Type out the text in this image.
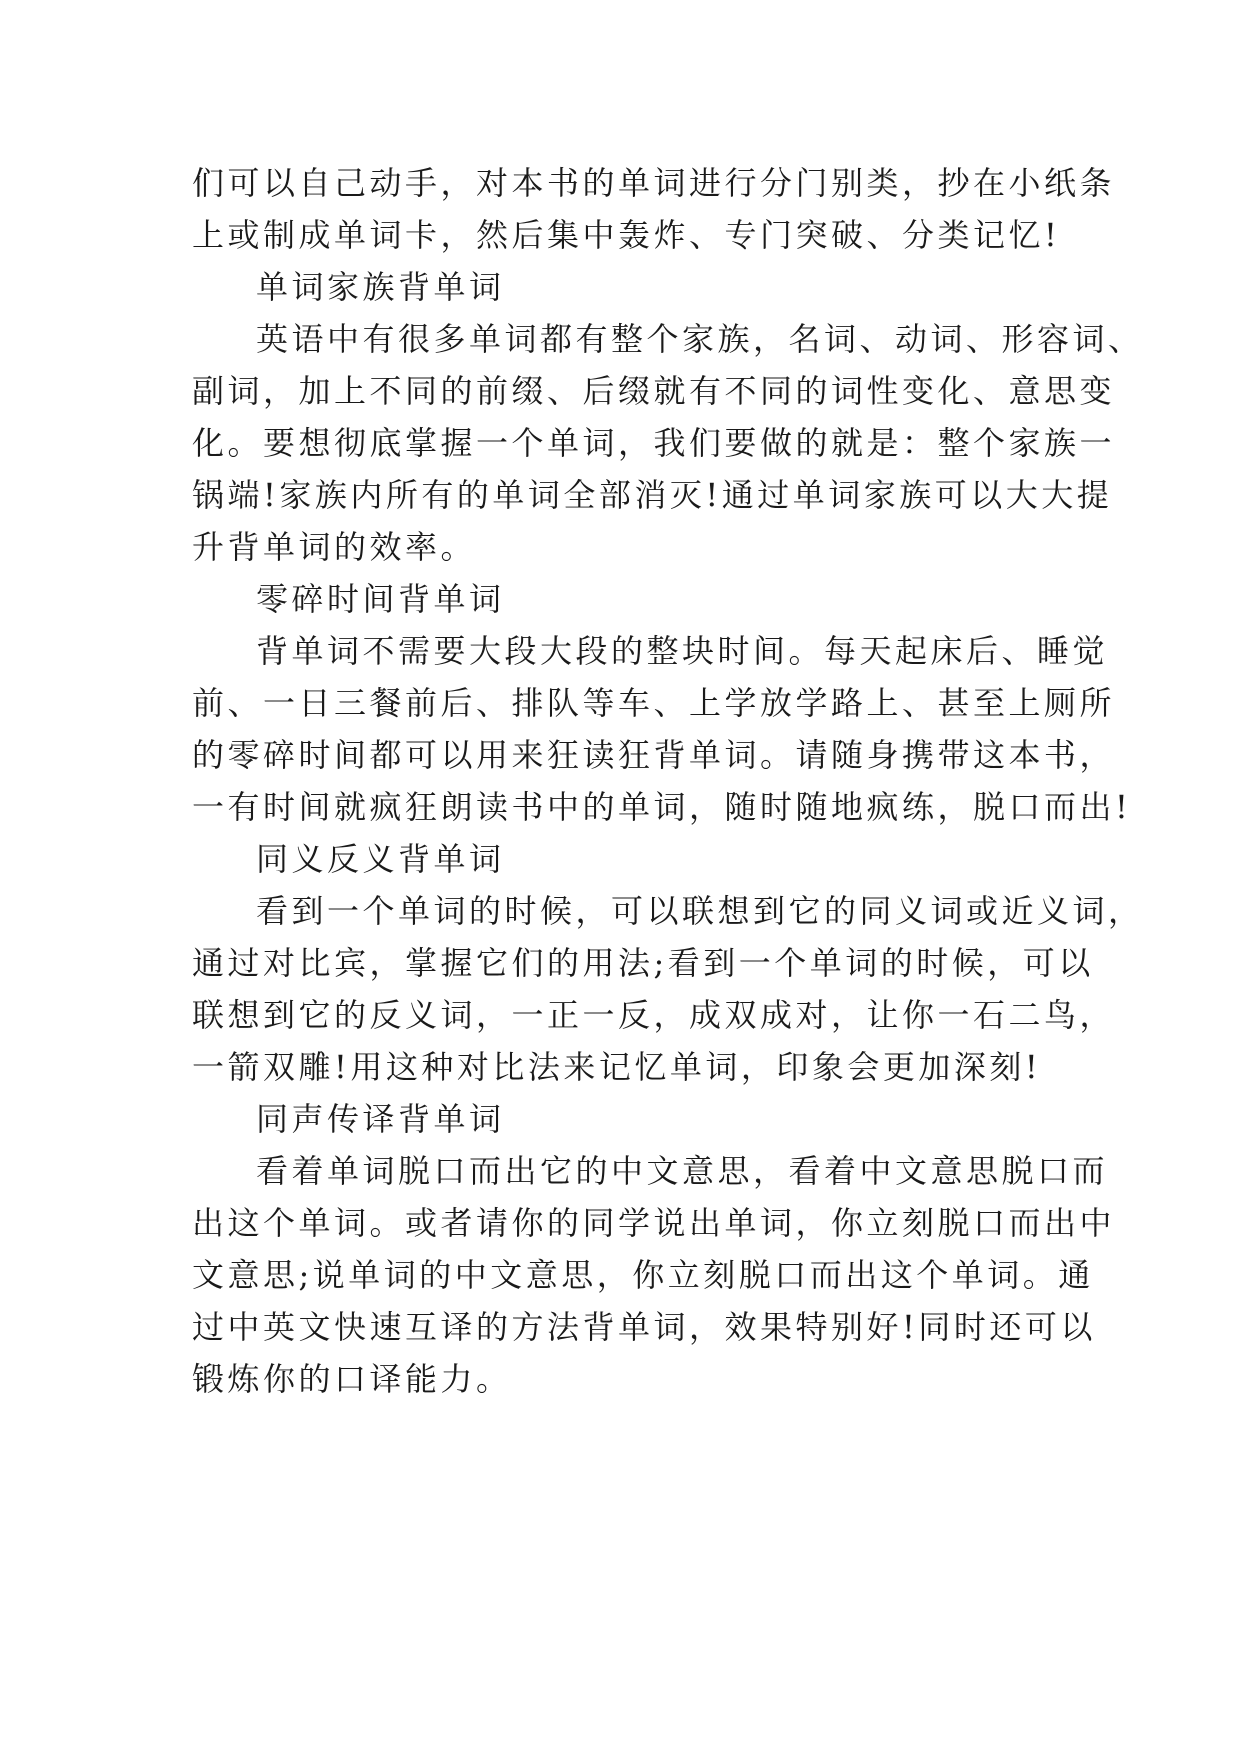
们可以自己动手，对本书的单词进行分门别类，抄在小纸条
上或制成单词卡，然后集中轰炸、专门突破、分类记忆!
单词家族背单词
英语中有很多单词都有整个家族，名词、动词、形容词、
副词，加上不同的前缀、后缀就有不同的词性变化、意思变
化。要想彻底掌握一个单词，我们要做的就是：整个家族一
锅端!家族内所有的单词全部消灭!通过单词家族可以大大提
升背单词的效率。
零碎时间背单词
背单词不需要大段大段的整块时间。每天起床后、睡觉
前、一日三餐前后、排队等车、上学放学路上、甚至上厕所
的零碎时间都可以用来狂读狂背单词。请随身携带这本书，
一有时间就疯狂朗读书中的单词，随时随地疯练，脱口而出!
同义反义背单词
看到一个单词的时候，可以联想到它的同义词或近义词，
通过对比宾，掌握它们的用法;看到一个单词的时候，可以
联想到它的反义词，一正一反，成双成对，让你一石二鸟，
一箭双雕!用这种对比法来记忆单词，印象会更加深刻!
同声传译背单词
看着单词脱口而出它的中文意思，看着中文意思脱口而
出这个单词。或者请你的同学说出单词，你立刻脱口而出中
文意思;说单词的中文意思，你立刻脱口而出这个单词。通
过中英文快速互译的方法背单词，效果特别好!同时还可以
锻炼你的口译能力。
